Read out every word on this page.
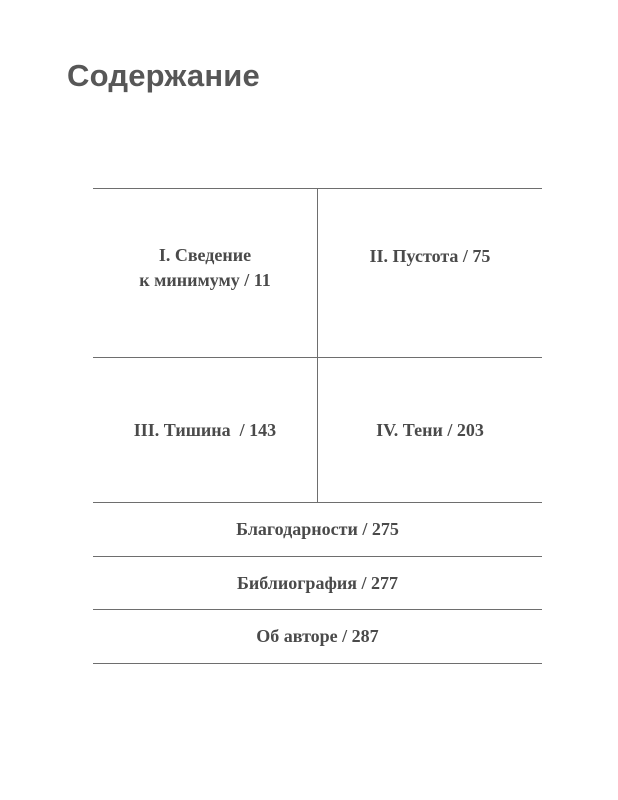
Содержание
I. Сведение
к минимуму / 11
II. Пустота / 75
III. Тишина  / 143	IV. Тени / 203
Благодарности / 275
Библиография / 277
Об авторе / 287
